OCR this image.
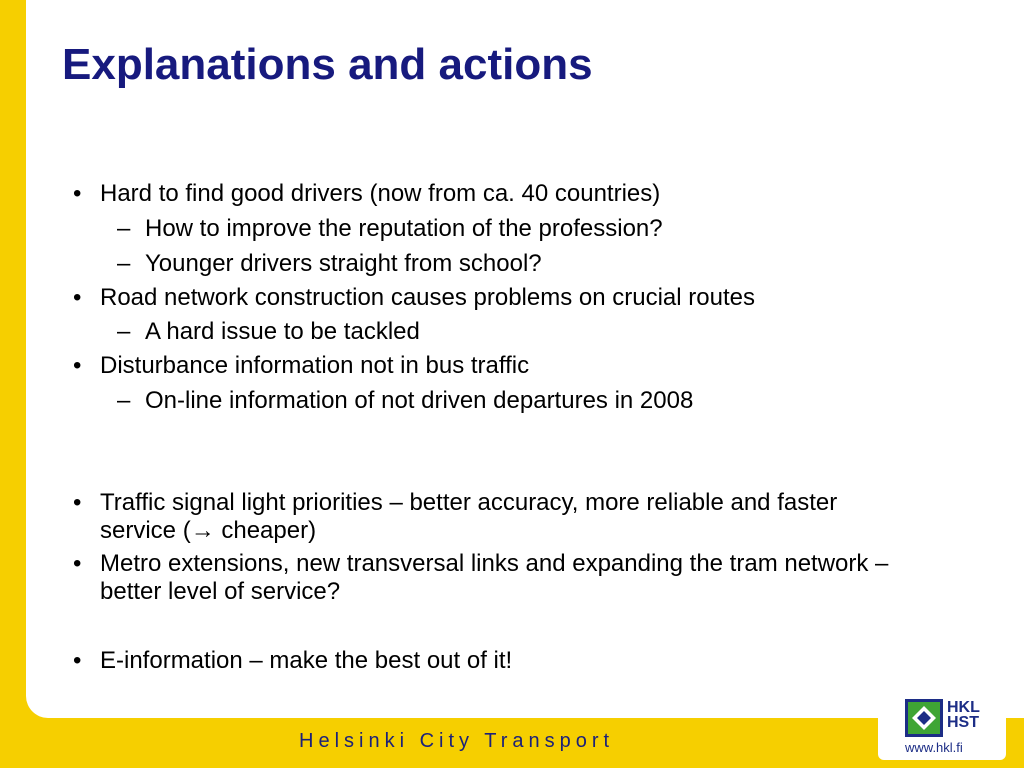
Explanations and actions
• Hard to find good drivers (now from ca. 40 countries)
– How to improve the reputation of the profession?
– Younger drivers straight from school?
• Road network construction causes problems on crucial routes
– A hard issue to be tackled
• Disturbance information not in bus traffic
– On-line information of not driven departures in 2008
• Traffic signal light priorities – better accuracy, more reliable and faster service (→ cheaper)
• Metro extensions, new transversal links and expanding the tram network – better level of service?
• E-information – make the best out of it!
Helsinki City Transport
HKL
HST
www.hkl.fi
